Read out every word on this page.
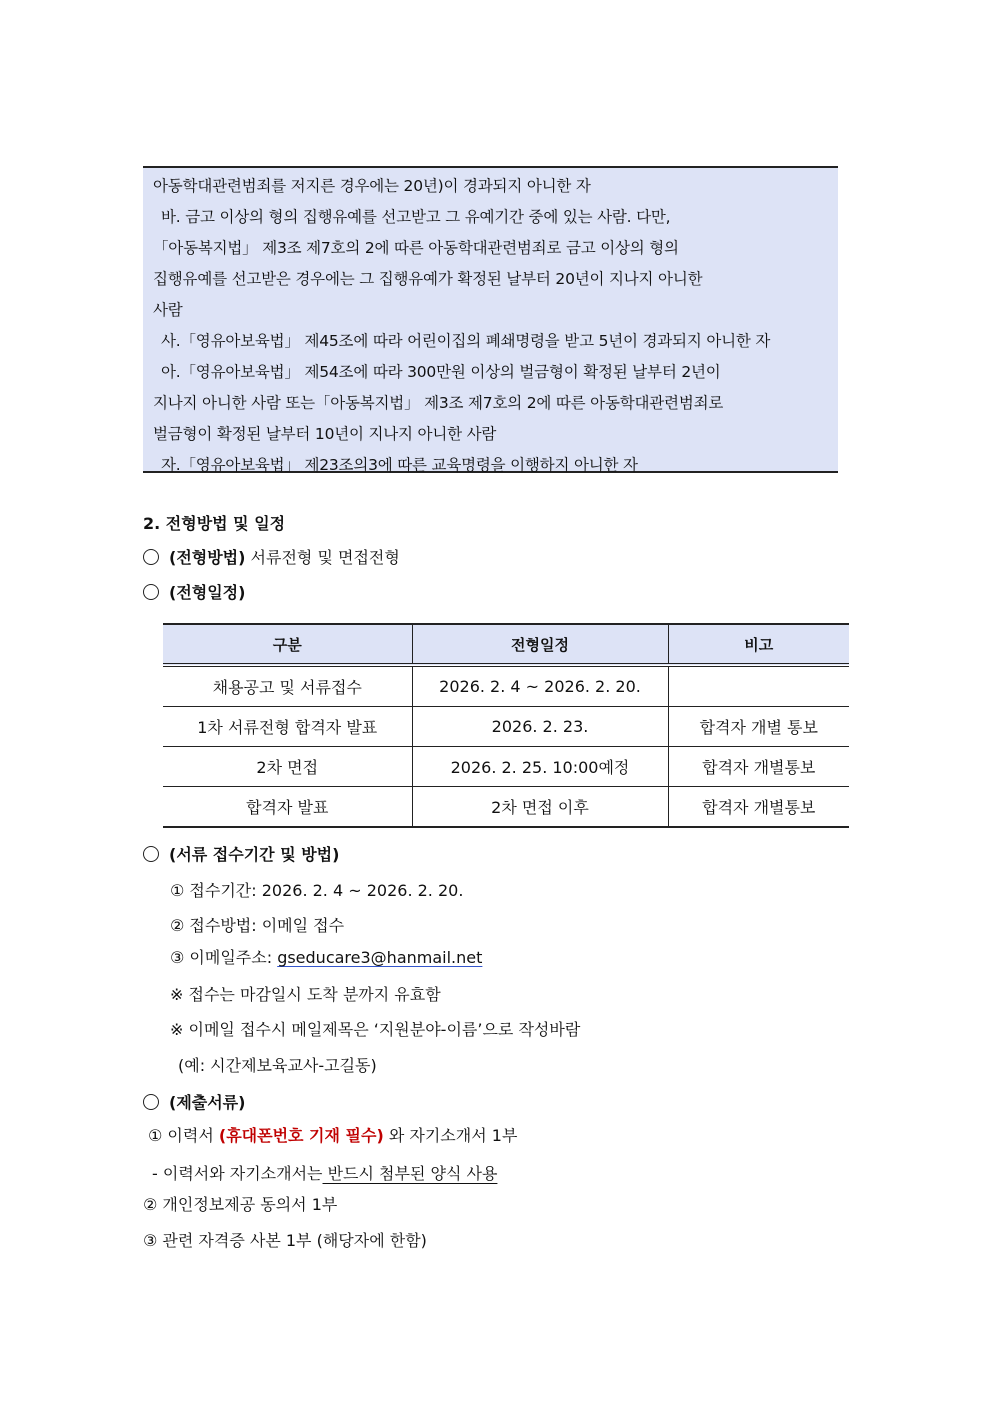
아동학대관련범죄를 저지른 경우에는 20년)이 경과되지 아니한 자
바. 금고 이상의 형의 집행유예를 선고받고 그 유예기간 중에 있는 사람. 다만,
「아동복지법」 제3조 제7호의 2에 따른 아동학대관련범죄로 금고 이상의 형의
집행유예를 선고받은 경우에는 그 집행유예가 확정된 날부터 20년이 지나지 아니한
사람
사.「영유아보육법」 제45조에 따라 어린이집의 폐쇄명령을 받고 5년이 경과되지 아니한 자
아.「영유아보육법」 제54조에 따라 300만원 이상의 벌금형이 확정된 날부터 2년이
지나지 아니한 사람 또는「아동복지법」 제3조 제7호의 2에 따른 아동학대관련범죄로
벌금형이 확정된 날부터 10년이 지나지 아니한 사람
자.「영유아보육법」 제23조의3에 따른 교육명령을 이행하지 아니한 자
2. 전형방법 및 일정
(전형방법) 서류전형 및 면접전형
(전형일정)
구분	전형일정	비고
채용공고 및 서류접수	2026. 2. 4 ~ 2026. 2. 20.	
1차 서류전형 합격자 발표	2026. 2. 23.	합격자 개별 통보
2차 면접	2026. 2. 25. 10:00예정	합격자 개별통보
합격자 발표	2차 면접 이후	합격자 개별통보
(서류 접수기간 및 방법)
① 접수기간: 2026. 2. 4 ~ 2026. 2. 20.
② 접수방법: 이메일 접수
③ 이메일주소: gseducare3@hanmail.net
※ 접수는 마감일시 도착 분까지 유효함
※ 이메일 접수시 메일제목은 ‘지원분야-이름’으로 작성바람
(예: 시간제보육교사-고길동)
(제출서류)
① 이력서 (휴대폰번호 기재 필수) 와 자기소개서 1부
- 이력서와 자기소개서는 반드시 첨부된 양식 사용
② 개인정보제공 동의서 1부
③ 관련 자격증 사본 1부 (해당자에 한함)
